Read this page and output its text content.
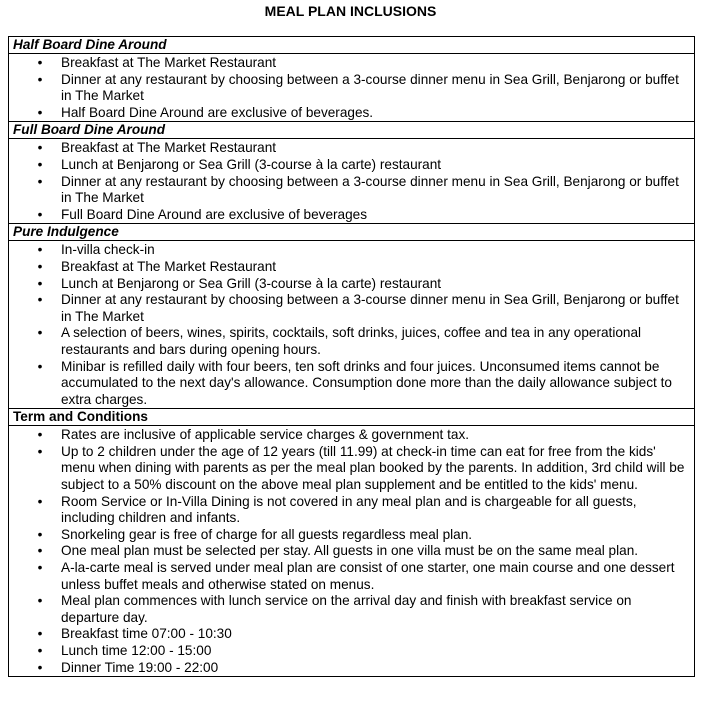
MEAL PLAN INCLUSIONS
Half Board Dine Around
• Breakfast at The Market Restaurant
• Dinner at any restaurant by choosing between a 3-course dinner menu in Sea Grill, Benjarong or buffet in The Market
• Half Board Dine Around are exclusive of beverages.
Full Board Dine Around
• Breakfast at The Market Restaurant
• Lunch at Benjarong or Sea Grill (3-course à la carte) restaurant
• Dinner at any restaurant by choosing between a 3-course dinner menu in Sea Grill, Benjarong or buffet in The Market
• Full Board Dine Around are exclusive of beverages
Pure Indulgence
• In-villa check-in
• Breakfast at The Market Restaurant
• Lunch at Benjarong or Sea Grill (3-course à la carte) restaurant
• Dinner at any restaurant by choosing between a 3-course dinner menu in Sea Grill, Benjarong or buffet in The Market
• A selection of beers, wines, spirits, cocktails, soft drinks, juices, coffee and tea in any operational restaurants and bars during opening hours.
• Minibar is refilled daily with four beers, ten soft drinks and four juices. Unconsumed items cannot be accumulated to the next day's allowance. Consumption done more than the daily allowance subject to extra charges.
Term and Conditions
• Rates are inclusive of applicable service charges & government tax.
• Up to 2 children under the age of 12 years (till 11.99) at check-in time can eat for free from the kids' menu when dining with parents as per the meal plan booked by the parents. In addition, 3rd child will be subject to a 50% discount on the above meal plan supplement and be entitled to the kids' menu.
• Room Service or In-Villa Dining is not covered in any meal plan and is chargeable for all guests, including children and infants.
• Snorkeling gear is free of charge for all guests regardless meal plan.
• One meal plan must be selected per stay. All guests in one villa must be on the same meal plan.
• A-la-carte meal is served under meal plan are consist of one starter, one main course and one dessert unless buffet meals and otherwise stated on menus.
• Meal plan commences with lunch service on the arrival day and finish with breakfast service on departure day.
• Breakfast time 07:00 - 10:30
• Lunch time 12:00 - 15:00
• Dinner Time 19:00 - 22:00
